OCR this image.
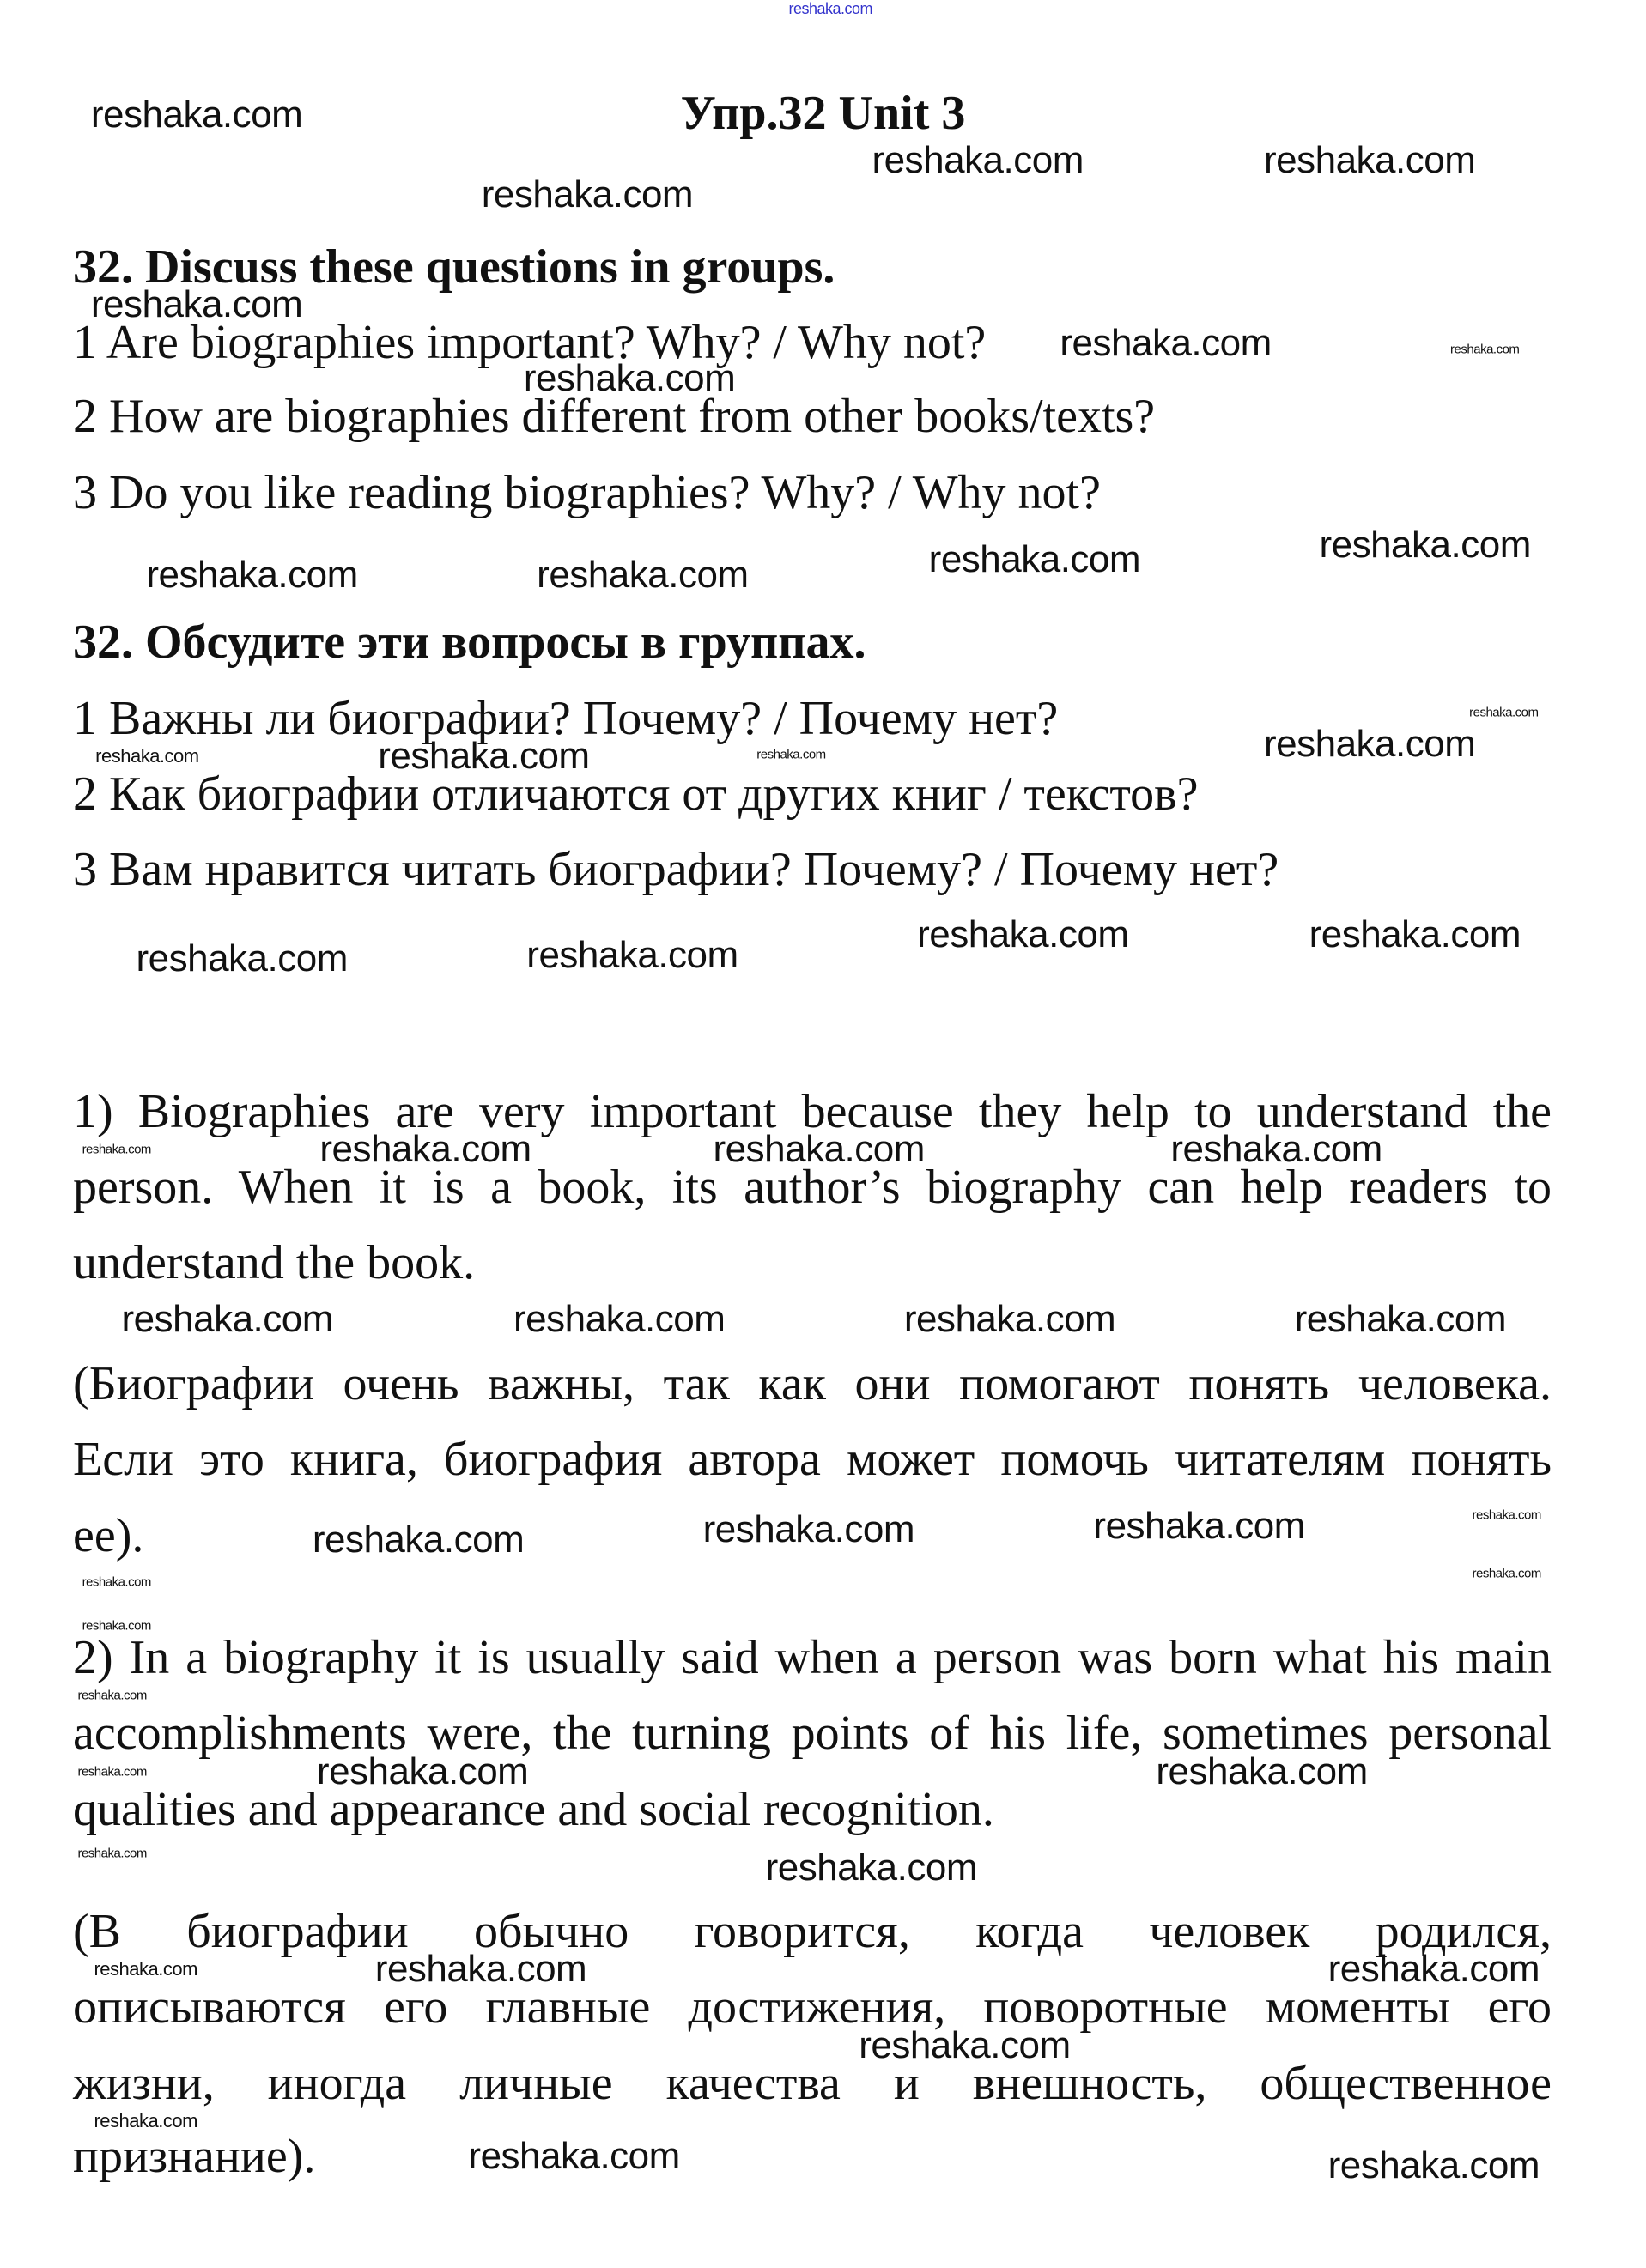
Упр.32 Unit 3
32. Discuss these questions in groups.
1 Are biographies important? Why? / Why not?
2 How are biographies different from other books/texts?
3 Do you like reading biographies? Why? / Why not?
32. Обсудите эти вопросы в группах.
1 Важны ли биографии? Почему? / Почему нет?
2 Как биографии отличаются от других книг / текстов?
3 Вам нравится читать биографии? Почему? / Почему нет?
1) Biographies are very important because they help to understand the
person. When it is a book, its author’s biography can help readers to
understand the book.
(Биографии очень важны, так как они помогают понять человека.
Если это книга, биография автора может помочь читателям понять
ее).
2) In a biography it is usually said when a person was born what his main
accomplishments were, the turning points of his life, sometimes personal
qualities and appearance and social recognition.
(В биографии обычно говорится, когда человек родился,
описываются его главные достижения, поворотные моменты его
жизни, иногда личные качества и внешность, общественное
признание).
reshaka.com
reshaka.com
reshaka.com	reshaka.com
reshaka.com
reshaka.com
reshaka.com
reshaka.com
reshaka.com
reshaka.com
reshaka.com	reshaka.com
reshaka.com
reshaka.com
reshaka.com	reshaka.com
reshaka.com	reshaka.com
reshaka.com	reshaka.com	reshaka.com
reshaka.com	reshaka.com	reshaka.com	reshaka.com
reshaka.com	reshaka.com	reshaka.com
reshaka.com	reshaka.com
reshaka.com
reshaka.com	reshaka.com
reshaka.com
reshaka.com	reshaka.com
reshaka.com
reshaka.com
reshaka.com	reshaka.com
reshaka.com
reshaka.com
reshaka.com
reshaka.com
reshaka.com
reshaka.com
reshaka.com
reshaka.com
reshaka.com
reshaka.com
